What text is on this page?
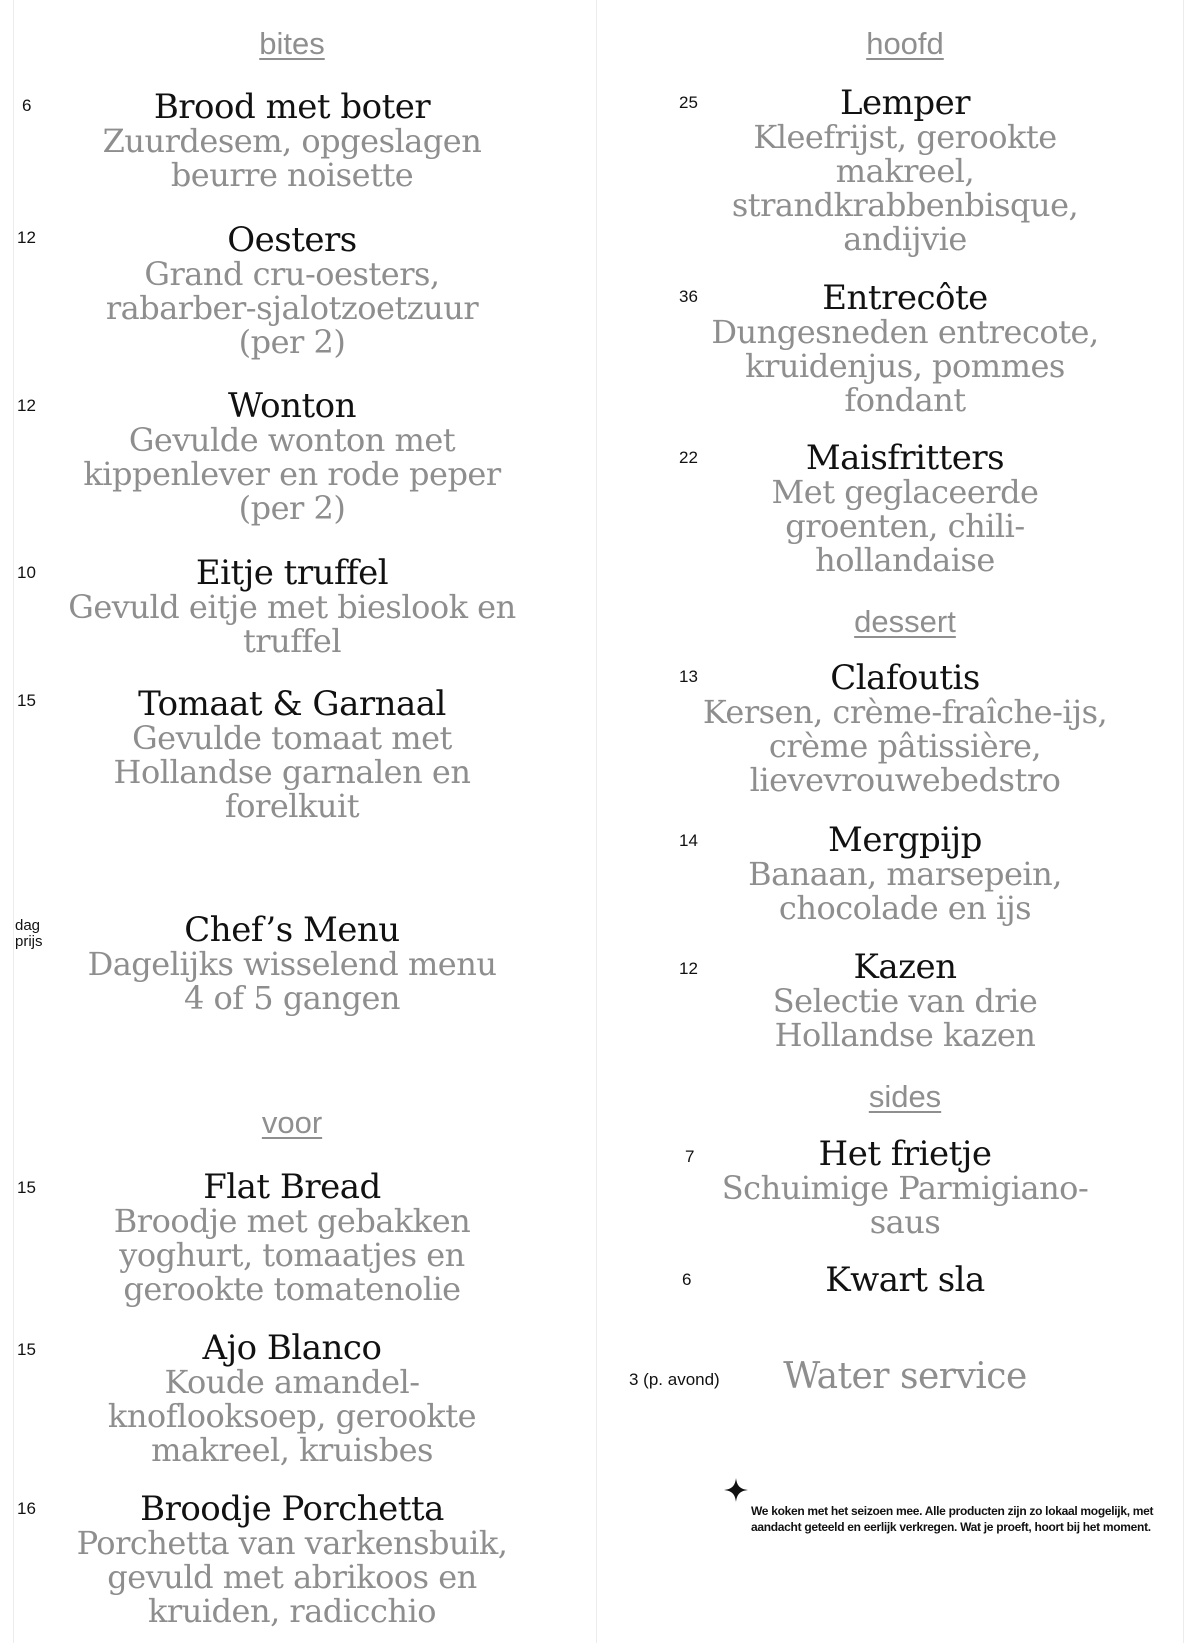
bites
6	Brood met boter
Zuurdesem, opgeslagen
beurre noisette
12	Oesters
Grand cru-oesters,
rabarber-sjalotzoetzuur
(per 2)
12	Wonton
Gevulde wonton met
kippenlever en rode peper
(per 2)
10	Eitje truffel
Gevuld eitje met bieslook en
truffel
15	Tomaat & Garnaal
Gevulde tomaat met
Hollandse garnalen en
forelkuit
dag
prijs	Chef’s Menu
Dagelijks wisselend menu
4 of 5 gangen
voor
15	Flat Bread
Broodje met gebakken
yoghurt, tomaatjes en
gerookte tomatenolie
15	Ajo Blanco
Koude amandel-
knoflooksoep, gerookte
makreel, kruisbes
16	Broodje Porchetta
Porchetta van varkensbuik,
gevuld met abrikoos en
kruiden, radicchio
hoofd
25	Lemper
Kleefrijst, gerookte
makreel,
strandkrabbenbisque,
andijvie
36	Entrecôte
Dungesneden entrecote,
kruidenjus, pommes
fondant
22	Maisfritters
Met geglaceerde
groenten, chili-
hollandaise
dessert
13	Clafoutis
Kersen, crème-fraîche-ijs,
crème pâtissière,
lievevrouwebedstro
14	Mergpijp
Banaan, marsepein,
chocolade en ijs
12	Kazen
Selectie van drie
Hollandse kazen
sides
7	Het frietje
Schuimige Parmigiano-
saus
6	Kwart sla
3 (p. avond)	Water service
We koken met het seizoen mee. Alle producten zijn zo lokaal mogelijk, met aandacht geteeld en eerlijk verkregen. Wat je proeft, hoort bij het moment.
